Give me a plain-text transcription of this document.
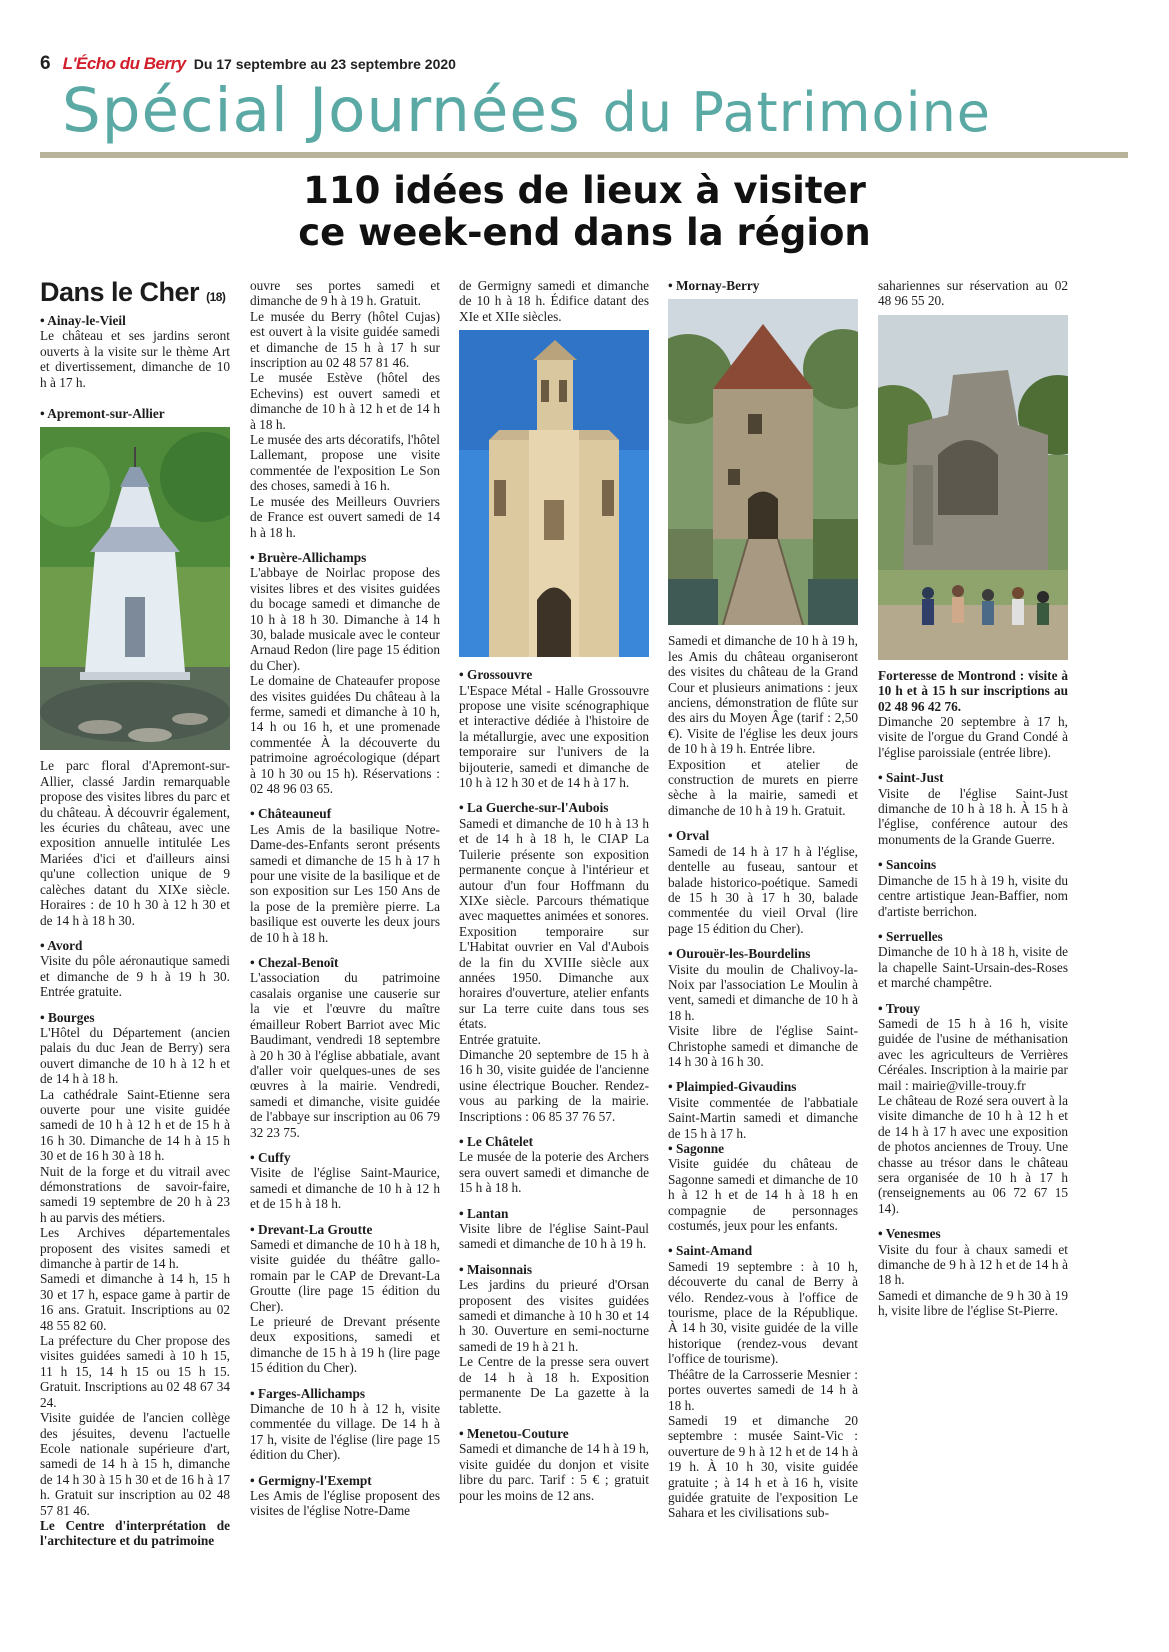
6 L'Écho du Berry Du 17 septembre au 23 septembre 2020
Spécial Journées du Patrimoine
110 idées de lieux à visiter
ce week-end dans la région
Dans le Cher (18)

• Ainay-le-Vieil

Le château et ses jardins seront ouverts à la visite sur le thème Art et divertissement, dimanche de 10 h à 17 h.

• Apremont-sur-Allier

Le parc floral d'Apremont-sur-Allier, classé Jardin remarquable propose des visites libres du parc et du château. À découvrir également, les écuries du château, avec une exposition annuelle intitulée Les Mariées d'ici et d'ailleurs ainsi qu'une collection unique de 9 calèches datant du XIXe siècle. Horaires : de 10 h 30 à 12 h 30 et de 14 h à 18 h 30.

• Avord

Visite du pôle aéronautique samedi et dimanche de 9 h à 19 h 30. Entrée gratuite.

• Bourges

L'Hôtel du Département (ancien palais du duc Jean de Berry) sera ouvert dimanche de 10 h à 12 h et de 14 h à 18 h.

La cathédrale Saint-Etienne sera ouverte pour une visite guidée samedi de 10 h à 12 h et de 15 h à 16 h 30. Dimanche de 14 h à 15 h 30 et de 16 h 30 à 18 h.

Nuit de la forge et du vitrail avec démonstrations de savoir-faire, samedi 19 septembre de 20 h à 23 h au parvis des métiers.

Les Archives départementales proposent des visites samedi et dimanche à partir de 14 h.

Samedi et dimanche à 14 h, 15 h 30 et 17 h, espace game à partir de 16 ans. Gratuit. Inscriptions au 02 48 55 82 60.

La préfecture du Cher propose des visites guidées samedi à 10 h 15, 11 h 15, 14 h 15 ou 15 h 15. Gratuit. Inscriptions au 02 48 67 34 24.

Visite guidée de l'ancien collège des jésuites, devenu l'actuelle Ecole nationale supérieure d'art, samedi de 14 h à 15 h, dimanche de 14 h 30 à 15 h 30 et de 16 h à 17 h. Gratuit sur inscription au 02 48 57 81 46.

Le Centre d'interprétation de l'architecture et du patrimoine

ouvre ses portes samedi et dimanche de 9 h à 19 h. Gratuit.

Le musée du Berry (hôtel Cujas) est ouvert à la visite guidée samedi et dimanche de 15 h à 17 h sur inscription au 02 48 57 81 46.

Le musée Estève (hôtel des Echevins) est ouvert samedi et dimanche de 10 h à 12 h et de 14 h à 18 h.

Le musée des arts décoratifs, l'hôtel Lallemant, propose une visite commentée de l'exposition Le Son des choses, samedi à 16 h.

Le musée des Meilleurs Ouvriers de France est ouvert samedi de 14 h à 18 h.

• Bruère-Allichamps

L'abbaye de Noirlac propose des visites libres et des visites guidées du bocage samedi et dimanche de 10 h à 18 h 30. Dimanche à 14 h 30, balade musicale avec le conteur Arnaud Redon (lire page 15 édition du Cher).

Le domaine de Chateaufer propose des visites guidées Du château à la ferme, samedi et dimanche à 10 h, 14 h ou 16 h, et une promenade commentée À la découverte du patrimoine agroécologique (départ à 10 h 30 ou 15 h). Réservations : 02 48 96 03 65.

• Châteauneuf

Les Amis de la basilique Notre-Dame-des-Enfants seront présents samedi et dimanche de 15 h à 17 h pour une visite de la basilique et de son exposition sur Les 150 Ans de la pose de la première pierre. La basilique est ouverte les deux jours de 10 h à 18 h.

• Chezal-Benoît

L'association du patrimoine casalais organise une causerie sur la vie et l'œuvre du maître émailleur Robert Barriot avec Mic Baudimant, vendredi 18 septembre à 20 h 30 à l'église abbatiale, avant d'aller voir quelques-unes de ses œuvres à la mairie. Vendredi, samedi et dimanche, visite guidée de l'abbaye sur inscription au 06 79 32 23 75.

• Cuffy

Visite de l'église Saint-Maurice, samedi et dimanche de 10 h à 12 h et de 15 h à 18 h.

• Drevant-La Groutte

Samedi et dimanche de 10 h à 18 h, visite guidée du théâtre gallo-romain par le CAP de Drevant-La Groutte (lire page 15 édition du Cher).

Le prieuré de Drevant présente deux expositions, samedi et dimanche de 15 h à 19 h (lire page 15 édition du Cher).

• Farges-Allichamps

Dimanche de 10 h à 12 h, visite commentée du village. De 14 h à 17 h, visite de l'église (lire page 15 édition du Cher).

• Germigny-l'Exempt

Les Amis de l'église proposent des visites de l'église Notre-Dame

de Germigny samedi et dimanche de 10 h à 18 h. Édifice datant des XIe et XIIe siècles.

• Grossouvre

L'Espace Métal - Halle Grossouvre propose une visite scénographique et interactive dédiée à l'histoire de la métallurgie, avec une exposition temporaire sur l'univers de la bijouterie, samedi et dimanche de 10 h à 12 h 30 et de 14 h à 17 h.

• La Guerche-sur-l'Aubois

Samedi et dimanche de 10 h à 13 h et de 14 h à 18 h, le CIAP La Tuilerie présente son exposition permanente conçue à l'intérieur et autour d'un four Hoffmann du XIXe siècle. Parcours thématique avec maquettes animées et sonores. Exposition temporaire sur L'Habitat ouvrier en Val d'Aubois de la fin du XVIIIe siècle aux années 1950. Dimanche aux horaires d'ouverture, atelier enfants sur La terre cuite dans tous ses états.

Entrée gratuite.

Dimanche 20 septembre de 15 h à 16 h 30, visite guidée de l'ancienne usine électrique Boucher. Rendez-vous au parking de la mairie. Inscriptions : 06 85 37 76 57.

• Le Châtelet

Le musée de la poterie des Archers sera ouvert samedi et dimanche de 15 h à 18 h.

• Lantan

Visite libre de l'église Saint-Paul samedi et dimanche de 10 h à 19 h.

• Maisonnais

Les jardins du prieuré d'Orsan proposent des visites guidées samedi et dimanche à 10 h 30 et 14 h 30. Ouverture en semi-nocturne samedi de 19 h à 21 h.

Le Centre de la presse sera ouvert de 14 h à 18 h. Exposition permanente De La gazette à la tablette.

• Menetou-Couture

Samedi et dimanche de 14 h à 19 h, visite guidée du donjon et visite libre du parc. Tarif : 5 € ; gratuit pour les moins de 12 ans.

• Mornay-Berry

Samedi et dimanche de 10 h à 19 h, les Amis du château organiseront des visites du château de la Grand Cour et plusieurs animations : jeux anciens, démonstration de flûte sur des airs du Moyen Âge (tarif : 2,50 €). Visite de l'église les deux jours de 10 h à 19 h. Entrée libre.

Exposition et atelier de construction de murets en pierre sèche à la mairie, samedi et dimanche de 10 h à 19 h. Gratuit.

• Orval

Samedi de 14 h à 17 h à l'église, dentelle au fuseau, santour et balade historico-poétique. Samedi de 15 h 30 à 17 h 30, balade commentée du vieil Orval (lire page 15 édition du Cher).

• Ourouër-les-Bourdelins

Visite du moulin de Chalivoy-la-Noix par l'association Le Moulin à vent, samedi et dimanche de 10 h à 18 h.

Visite libre de l'église Saint-Christophe samedi et dimanche de 14 h 30 à 16 h 30.

• Plaimpied-Givaudins

Visite commentée de l'abbatiale Saint-Martin samedi et dimanche de 15 h à 17 h.

• Sagonne

Visite guidée du château de Sagonne samedi et dimanche de 10 h à 12 h et de 14 h à 18 h en compagnie de personnages costumés, jeux pour les enfants.

• Saint-Amand

Samedi 19 septembre : à 10 h, découverte du canal de Berry à vélo. Rendez-vous à l'office de tourisme, place de la République. À 14 h 30, visite guidée de la ville historique (rendez-vous devant l'office de tourisme).

Théâtre de la Carrosserie Mesnier : portes ouvertes samedi de 14 h à 18 h.

Samedi 19 et dimanche 20 septembre : musée Saint-Vic : ouverture de 9 h à 12 h et de 14 h à 19 h. À 10 h 30, visite guidée gratuite ; à 14 h et à 16 h, visite guidée gratuite de l'exposition Le Sahara et les civilisations sub-

sahariennes sur réservation au 02 48 96 55 20.

Forteresse de Montrond : visite à 10 h et à 15 h sur inscriptions au 02 48 96 42 76.

Dimanche 20 septembre à 17 h, visite de l'orgue du Grand Condé à l'église paroissiale (entrée libre).

• Saint-Just

Visite de l'église Saint-Just dimanche de 10 h à 18 h. À 15 h à l'église, conférence autour des monuments de la Grande Guerre.

• Sancoins

Dimanche de 15 h à 19 h, visite du centre artistique Jean-Baffier, nom d'artiste berrichon.

• Serruelles

Dimanche de 10 h à 18 h, visite de la chapelle Saint-Ursain-des-Roses et marché champêtre.

• Trouy

Samedi de 15 h à 16 h, visite guidée de l'usine de méthanisation avec les agriculteurs de Verrières Céréales. Inscription à la mairie par mail : mairie@ville-trouy.fr

Le château de Rozé sera ouvert à la visite dimanche de 10 h à 12 h et de 14 h à 17 h avec une exposition de photos anciennes de Trouy. Une chasse au trésor dans le château sera organisée de 10 h à 17 h (renseignements au 06 72 67 15 14).

• Venesmes

Visite du four à chaux samedi et dimanche de 9 h à 12 h et de 14 h à 18 h.

Samedi et dimanche de 9 h 30 à 19 h, visite libre de l'église St-Pierre.
